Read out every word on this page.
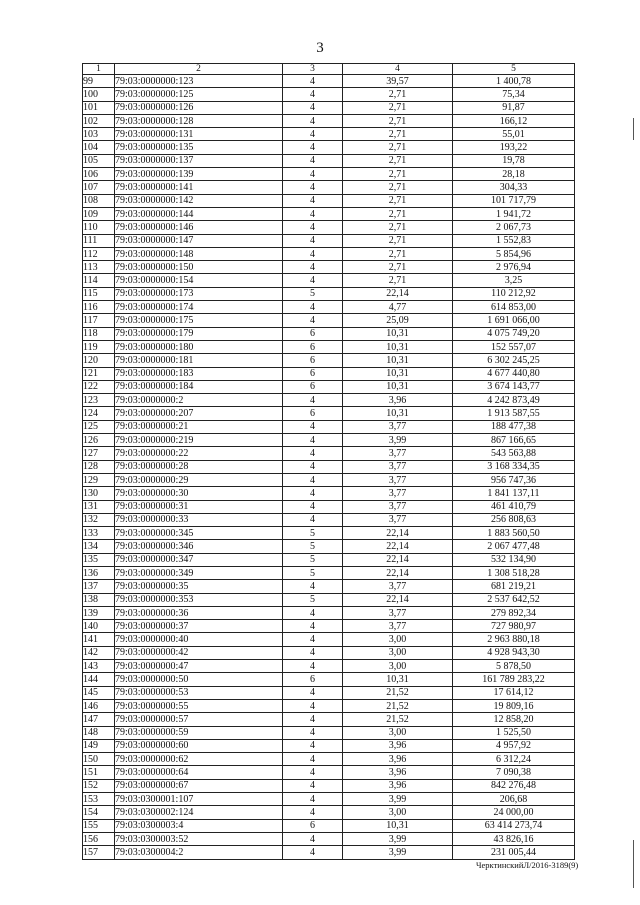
3
1	2	3	4	5
99	79:03:0000000:123	4	39,57	1 400,78
100	79:03:0000000:125	4	2,71	75,34
101	79:03:0000000:126	4	2,71	91,87
102	79:03:0000000:128	4	2,71	166,12
103	79:03:0000000:131	4	2,71	55,01
104	79:03:0000000:135	4	2,71	193,22
105	79:03:0000000:137	4	2,71	19,78
106	79:03:0000000:139	4	2,71	28,18
107	79:03:0000000:141	4	2,71	304,33
108	79:03:0000000:142	4	2,71	101 717,79
109	79:03:0000000:144	4	2,71	1 941,72
110	79:03:0000000:146	4	2,71	2 067,73
111	79:03:0000000:147	4	2,71	1 552,83
112	79:03:0000000:148	4	2,71	5 854,96
113	79:03:0000000:150	4	2,71	2 976,94
114	79:03:0000000:154	4	2,71	3,25
115	79:03:0000000:173	5	22,14	110 212,92
116	79:03:0000000:174	4	4,77	614 853,00
117	79:03:0000000:175	4	25,09	1 691 066,00
118	79:03:0000000:179	6	10,31	4 075 749,20
119	79:03:0000000:180	6	10,31	152 557,07
120	79:03:0000000:181	6	10,31	6 302 245,25
121	79:03:0000000:183	6	10,31	4 677 440,80
122	79:03:0000000:184	6	10,31	3 674 143,77
123	79:03:0000000:2	4	3,96	4 242 873,49
124	79:03:0000000:207	6	10,31	1 913 587,55
125	79:03:0000000:21	4	3,77	188 477,38
126	79:03:0000000:219	4	3,99	867 166,65
127	79:03:0000000:22	4	3,77	543 563,88
128	79:03:0000000:28	4	3,77	3 168 334,35
129	79:03:0000000:29	4	3,77	956 747,36
130	79:03:0000000:30	4	3,77	1 841 137,11
131	79:03:0000000:31	4	3,77	461 410,79
132	79:03:0000000:33	4	3,77	256 808,63
133	79:03:0000000:345	5	22,14	1 883 560,50
134	79:03:0000000:346	5	22,14	2 067 477,48
135	79:03:0000000:347	5	22,14	532 134,90
136	79:03:0000000:349	5	22,14	1 308 518,28
137	79:03:0000000:35	4	3,77	681 219,21
138	79:03:0000000:353	5	22,14	2 537 642,52
139	79:03:0000000:36	4	3,77	279 892,34
140	79:03:0000000:37	4	3,77	727 980,97
141	79:03:0000000:40	4	3,00	2 963 880,18
142	79:03:0000000:42	4	3,00	4 928 943,30
143	79:03:0000000:47	4	3,00	5 878,50
144	79:03:0000000:50	6	10,31	161 789 283,22
145	79:03:0000000:53	4	21,52	17 614,12
146	79:03:0000000:55	4	21,52	19 809,16
147	79:03:0000000:57	4	21,52	12 858,20
148	79:03:0000000:59	4	3,00	1 525,50
149	79:03:0000000:60	4	3,96	4 957,92
150	79:03:0000000:62	4	3,96	6 312,24
151	79:03:0000000:64	4	3,96	7 090,38
152	79:03:0000000:67	4	3,96	842 276,48
153	79:03:0300001:107	4	3,99	206,68
154	79:03:0300002:124	4	3,00	24 000,00
155	79:03:0300003:4	6	10,31	63 414 273,74
156	79:03:0300003:52	4	3,99	43 826,16
157	79:03:0300004:2	4	3,99	231 005,44
ЧерктинскийЛ/2016-3189(9)
